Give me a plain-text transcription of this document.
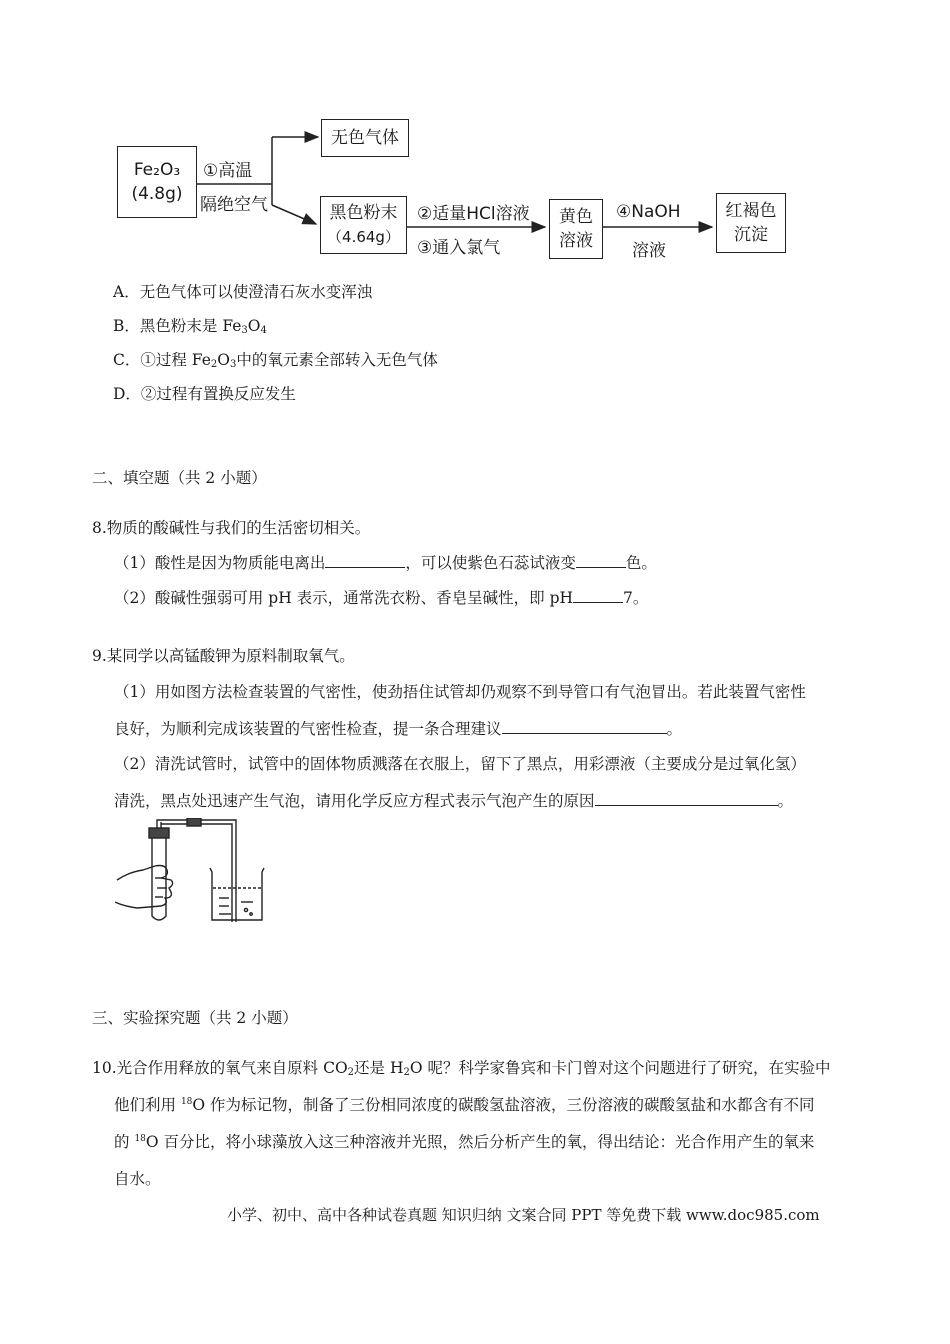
Fe₂O₃
(4.8g)
①高温
隔绝空气
无色气体
黑色粉末
（4.64g）
②适量HCl溶液
③通入氯气
黄色
溶液
④NaOH
溶液
红褐色
沉淀
A．无色气体可以使澄清石灰水变浑浊
B．黑色粉末是 $Fe_3O_4$
C．①过程 $Fe_2O_3$中的氧元素全部转入无色气体
D．②过程有置换反应发生
二、填空题（共 2 小题）
8.物质的酸碱性与我们的生活密切相关。
（1）酸性是因为物质能电离出	，可以使紫色石蕊试液变	色。
（2）酸碱性强弱可用 pH 表示，通常洗衣粉、香皂呈碱性，即 pH	7。
9.某同学以高锰酸钾为原料制取氧气。
（1）用如图方法检查装置的气密性，使劲捂住试管却仍观察不到导管口有气泡冒出。若此装置气密性
良好，为顺利完成该装置的气密性检查，提一条合理建议	。
（2）清洗试管时，试管中的固体物质溅落在衣服上，留下了黑点，用彩漂液（主要成分是过氧化氢）
清洗，黑点处迅速产生气泡，请用化学反应方程式表示气泡产生的原因	。
三、实验探究题（共 2 小题）
10.光合作用释放的氧气来自原料 $CO_2$还是 $H_2O$ 呢？科学家鲁宾和卡门曾对这个问题进行了研究，在实验中
他们利用 $^{18}$O 作为标记物，制备了三份相同浓度的碳酸氢盐溶液，三份溶液的碳酸氢盐和水都含有不同
的 $^{18}$O 百分比，将小球藻放入这三种溶液并光照，然后分析产生的氧，得出结论：光合作用产生的氧来
自水。
小学、初中、高中各种试卷真题 知识归纳 文案合同 PPT 等免费下载 www.doc985.com
